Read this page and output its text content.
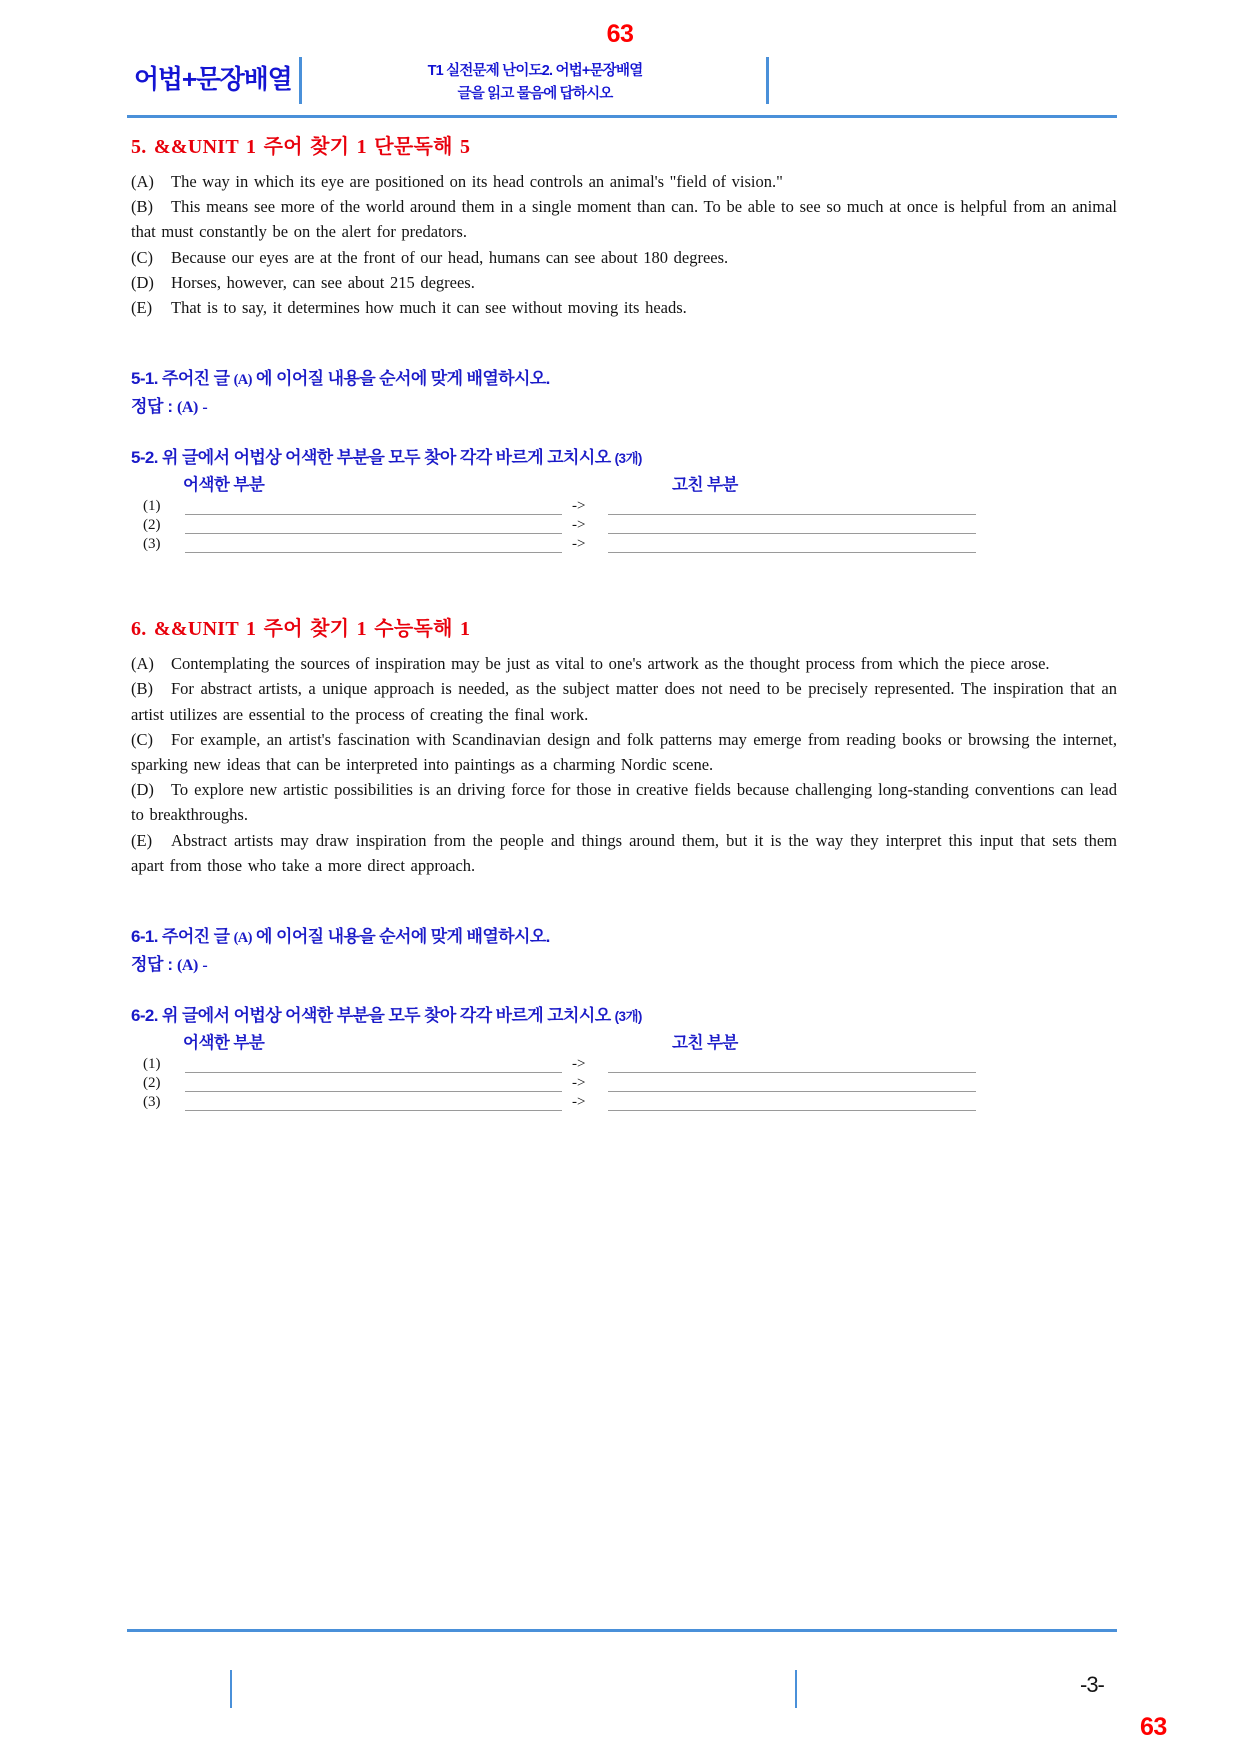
63
어법+문장배열	T1 실전문제 난이도2. 어법+문장배열
글을 읽고 물음에 답하시오
5. &&UNIT 1 주어 찾기 1 단문독해 5

(A) The way in which its eye are positioned on its head controls an animal's "field of vision."

(B) This means see more of the world around them in a single moment than can. To be able to see so much at once is helpful from an animal that must constantly be on the alert for predators.

(C) Because our eyes are at the front of our head, humans can see about 180 degrees.

(D) Horses, however, can see about 215 degrees.

(E) That is to say, it determines how much it can see without moving its heads.

5-1. 주어진 글 (A) 에 이어질 내용을 순서에 맞게 배열하시오.
정답 : (A) -
5-2. 위 글에서 어법상 어색한 부분을 모두 찾아 각각 바르게 고치시오 (3개)
어색한 부분	고친 부분
(1)	->
(2)	->
(3)	->
6. &&UNIT 1 주어 찾기 1 수능독해 1

(A) Contemplating the sources of inspiration may be just as vital to one's artwork as the thought process from which the piece arose.

(B) For abstract artists, a unique approach is needed, as the subject matter does not need to be precisely represented. The inspiration that an artist utilizes are essential to the process of creating the final work.

(C) For example, an artist's fascination with Scandinavian design and folk patterns may emerge from reading books or browsing the internet, sparking new ideas that can be interpreted into paintings as a charming Nordic scene.

(D) To explore new artistic possibilities is an driving force for those in creative fields because challenging long-standing conventions can lead to breakthroughs.

(E) Abstract artists may draw inspiration from the people and things around them, but it is the way they interpret this input that sets them apart from those who take a more direct approach.

6-1. 주어진 글 (A) 에 이어질 내용을 순서에 맞게 배열하시오.
정답 : (A) -
6-2. 위 글에서 어법상 어색한 부분을 모두 찾아 각각 바르게 고치시오 (3개)
어색한 부분	고친 부분
(1)	->
(2)	->
(3)	->
-3-
63
